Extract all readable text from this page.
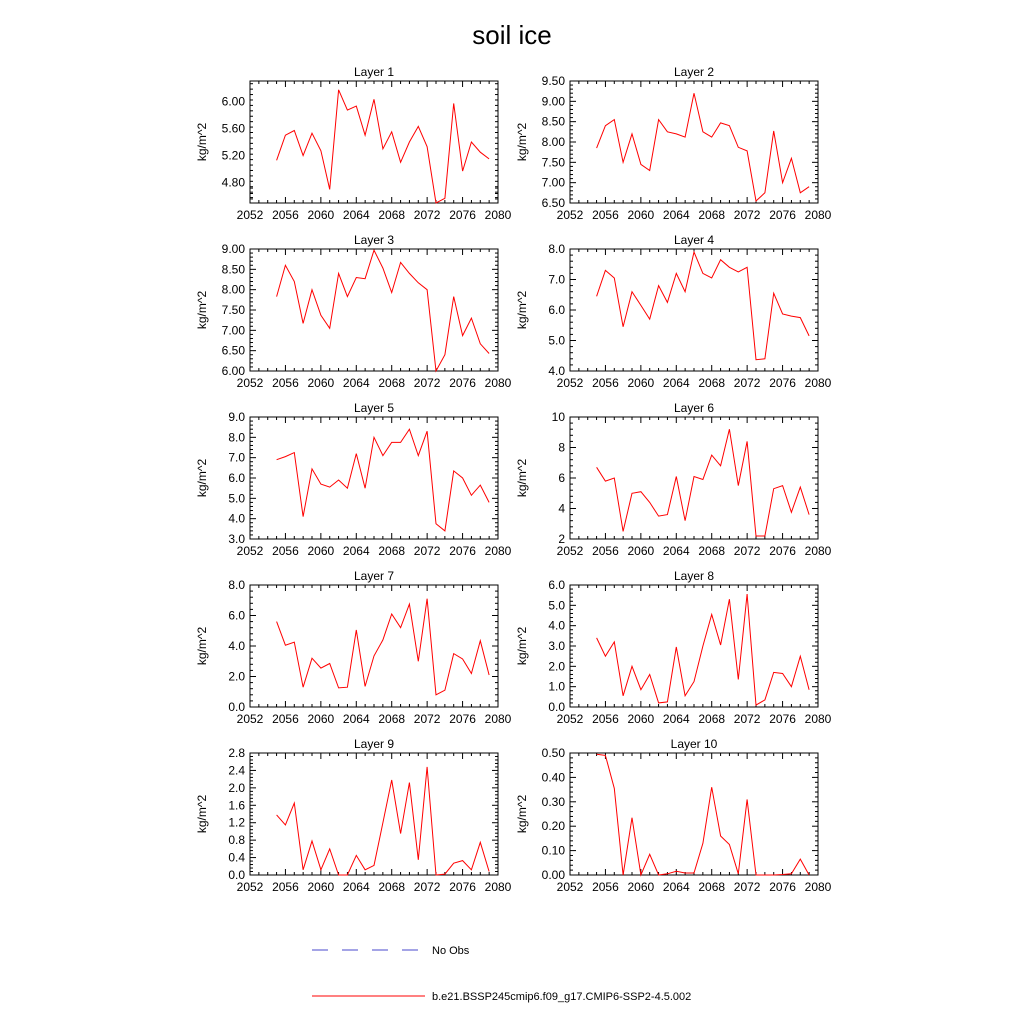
soil ice
Layer 1
2052 2056 2060 2064 2068 2072 2076 2080
4.80
5.20
5.60
6.00
kg/m^2
Layer 2
2052 2056 2060 2064 2068 2072 2076 2080
6.50
7.00
7.50
8.00
8.50
9.00
9.50
kg/m^2
Layer 3
2052 2056 2060 2064 2068 2072 2076 2080
6.00
6.50
7.00
7.50
8.00
8.50
9.00
kg/m^2
Layer 4
2052 2056 2060 2064 2068 2072 2076 2080
4.0
5.0
6.0
7.0
8.0
kg/m^2
Layer 5
2052 2056 2060 2064 2068 2072 2076 2080
3.0
4.0
5.0
6.0
7.0
8.0
9.0
kg/m^2
Layer 6
2052 2056 2060 2064 2068 2072 2076 2080
2
4
6
8
10
kg/m^2
Layer 7
2052 2056 2060 2064 2068 2072 2076 2080
0.0
2.0
4.0
6.0
8.0
kg/m^2
Layer 8
2052 2056 2060 2064 2068 2072 2076 2080
0.0
1.0
2.0
3.0
4.0
5.0
6.0
kg/m^2
Layer 9
2052 2056 2060 2064 2068 2072 2076 2080
0.0
0.4
0.8
1.2
1.6
2.0
2.4
2.8
kg/m^2
Layer 10
2052 2056 2060 2064 2068 2072 2076 2080
0.00
0.10
0.20
0.30
0.40
0.50
kg/m^2
No Obs
b.e21.BSSP245cmip6.f09_g17.CMIP6-SSP2-4.5.002
